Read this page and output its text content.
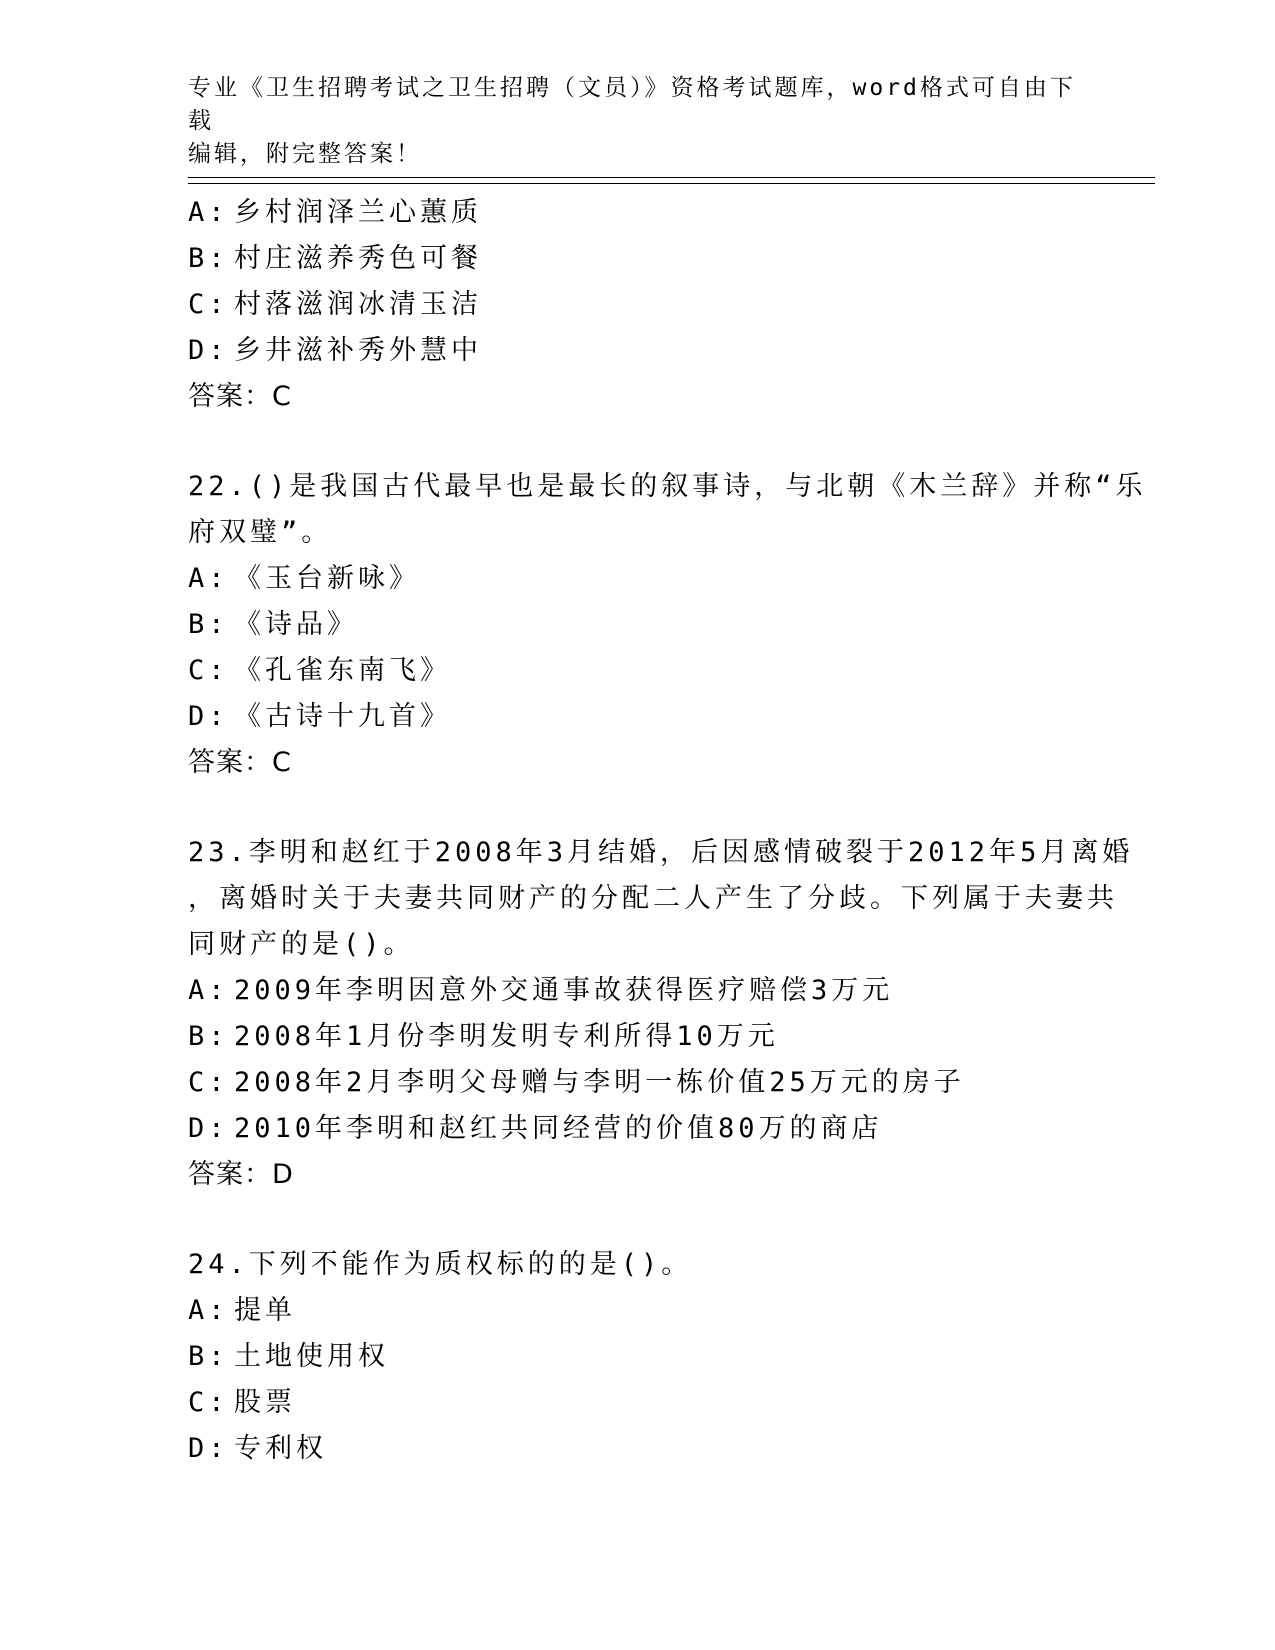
专业《卫生招聘考试之卫生招聘（文员）》资格考试题库，word格式可自由下载
编辑，附完整答案！
A: 乡村润泽兰心蕙质
B: 村庄滋养秀色可餐
C: 村落滋润冰清玉洁
D: 乡井滋补秀外慧中
答案：C
22.()是我国古代最早也是最长的叙事诗，与北朝《木兰辞》并称“乐
府双璧”。
A: 《玉台新咏》
B: 《诗品》
C: 《孔雀东南飞》
D: 《古诗十九首》
答案：C
23.李明和赵红于2008年3月结婚，后因感情破裂于2012年5月离婚
，离婚时关于夫妻共同财产的分配二人产生了分歧。下列属于夫妻共
同财产的是()。
A: 2009年李明因意外交通事故获得医疗赔偿3万元
B: 2008年1月份李明发明专利所得10万元
C: 2008年2月李明父母赠与李明一栋价值25万元的房子
D: 2010年李明和赵红共同经营的价值80万的商店
答案：D
24.下列不能作为质权标的的是()。
A: 提单
B: 土地使用权
C: 股票
D: 专利权
